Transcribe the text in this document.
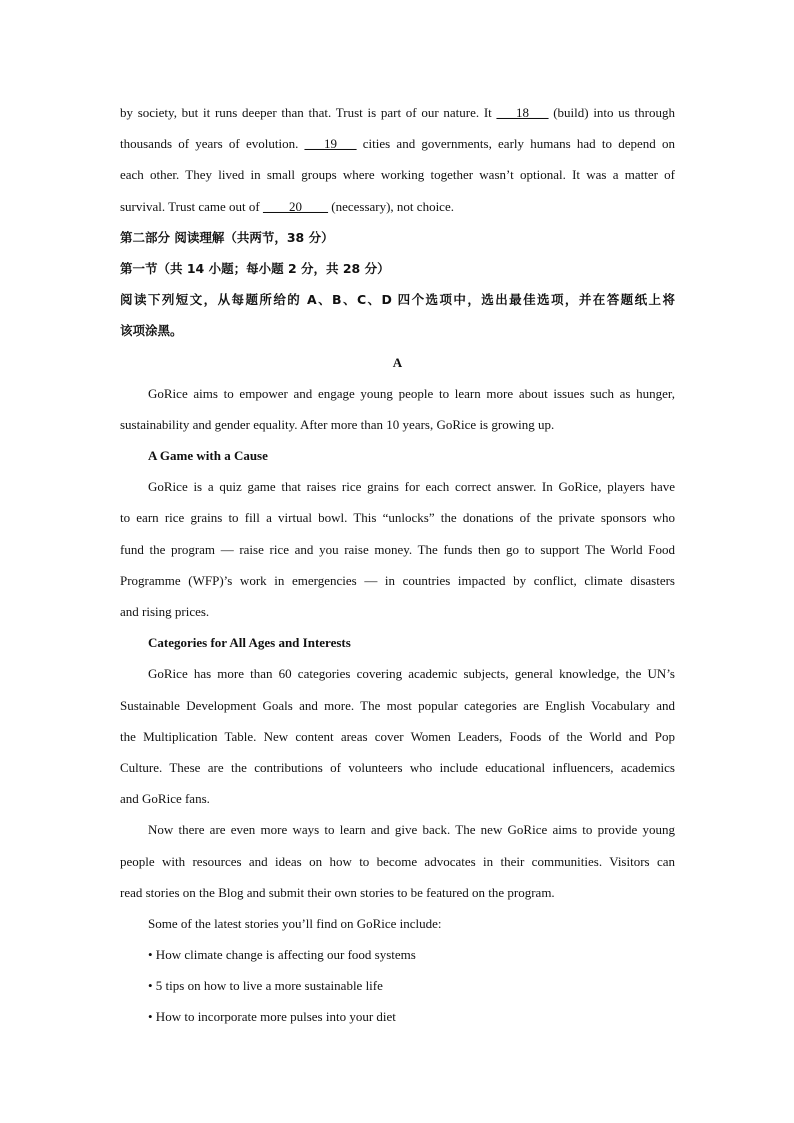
by society, but it runs deeper than that. Trust is part of our nature. It ___18___ (build) into us through
thousands of years of evolution. ___19___ cities and governments, early humans had to depend on
each other. They lived in small groups where working together wasn’t optional. It was a matter of
survival. Trust came out of ____20____ (necessary), not choice.
第二部分 阅读理解（共两节，38 分）
第一节（共 14 小题；每小题 2 分，共 28 分）
阅读下列短文，从每题所给的 A、B、C、D 四个选项中，选出最佳选项，并在答题纸上将
该项涂黑。
A
GoRice aims to empower and engage young people to learn more about issues such as hunger,
sustainability and gender equality. After more than 10 years, GoRice is growing up.
A Game with a Cause
GoRice is a quiz game that raises rice grains for each correct answer. In GoRice, players have
to earn rice grains to fill a virtual bowl. This “unlocks” the donations of the private sponsors who
fund the program — raise rice and you raise money. The funds then go to support The World Food
Programme (WFP)’s work in emergencies — in countries impacted by conflict, climate disasters
and rising prices.
Categories for All Ages and Interests
GoRice has more than 60 categories covering academic subjects, general knowledge, the UN’s
Sustainable Development Goals and more. The most popular categories are English Vocabulary and
the Multiplication Table. New content areas cover Women Leaders, Foods of the World and Pop
Culture. These are the contributions of volunteers who include educational influencers, academics
and GoRice fans.
Now there are even more ways to learn and give back. The new GoRice aims to provide young
people with resources and ideas on how to become advocates in their communities. Visitors can
read stories on the Blog and submit their own stories to be featured on the program.
Some of the latest stories you’ll find on GoRice include:
• How climate change is affecting our food systems
• 5 tips on how to live a more sustainable life
• How to incorporate more pulses into your diet
